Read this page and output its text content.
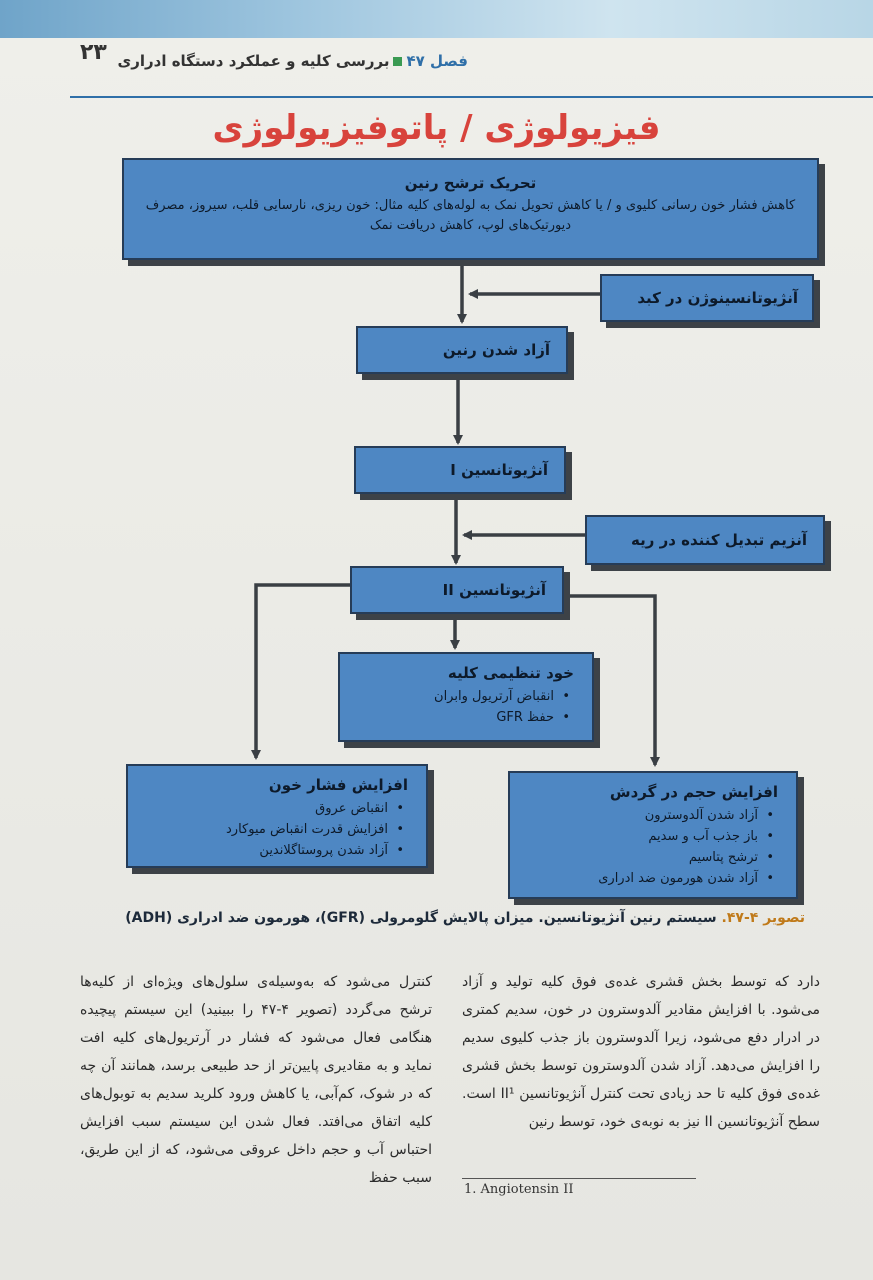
۲۳	فصل ۴۷بررسی کلیه و عملکرد دستگاه ادراری
فیزیولوژی / پاتوفیزیولوژی
تحریک ترشح رنین
کاهش فشار خون رسانی کلیوی و / یا کاهش تحویل نمک به لوله‌های کلیه مثال: خون ریزی، نارسایی قلب، سیروز، مصرف دیورتیک‌های لوپ، کاهش دریافت نمک
آنژیوتانسینوژن در کبد
آزاد شدن رنین
آنژیوتانسین I
آنزیم تبدیل کننده در ریه
آنژیوتانسین II
خود تنظیمی کلیه
• انقباض آرتریول وابران
• حفظ GFR
افزایش فشار خون
• انقباض عروق
• افزایش قدرت انقباض میوکارد
• آزاد شدن پروستاگلاندین
افزایش حجم در گردش
• آزاد شدن آلدوسترون
• باز جذب آب و سدیم
• ترشح پتاسیم
• آزاد شدن هورمون ضد ادراری
تصویر ۴-۴۷. سیستم رنین آنژیوتانسین. میزان پالایش گلومرولی (GFR)، هورمون ضد ادراری (ADH)

دارد که توسط بخش قشری غده‌ی فوق کلیه تولید و آزاد می‌شود. با افزایش مقادیر آلدوسترون در خون، سدیم کمتری در ادرار دفع می‌شود، زیرا آلدوسترون باز جذب کلیوی سدیم را افزایش می‌دهد. آزاد شدن آلدوسترون توسط بخش قشری غده‌ی فوق کلیه تا حد زیادی تحت کنترل آنژیوتانسین II¹ است. سطح آنژیوتانسین II نیز به نوبه‌ی خود، توسط رنین

کنترل می‌شود که به‌وسیله‌ی سلول‌های ویژه‌ای از کلیه‌ها ترشح می‌گردد (تصویر ۴-۴۷ را ببینید) این سیستم پیچیده هنگامی فعال می‌شود که فشار در آرتریول‌های کلیه افت نماید و به مقادیری پایین‌تر از حد طبیعی برسد، همانند آن چه که در شوک، کم‌آبی، یا کاهش ورود کلرید سدیم به توبول‌های کلیه اتفاق می‌افتد. فعال شدن این سیستم سبب افزایش احتباس آب و حجم داخل عروقی می‌شود، که از این طریق، سبب حفظ

1. Angiotensin II
